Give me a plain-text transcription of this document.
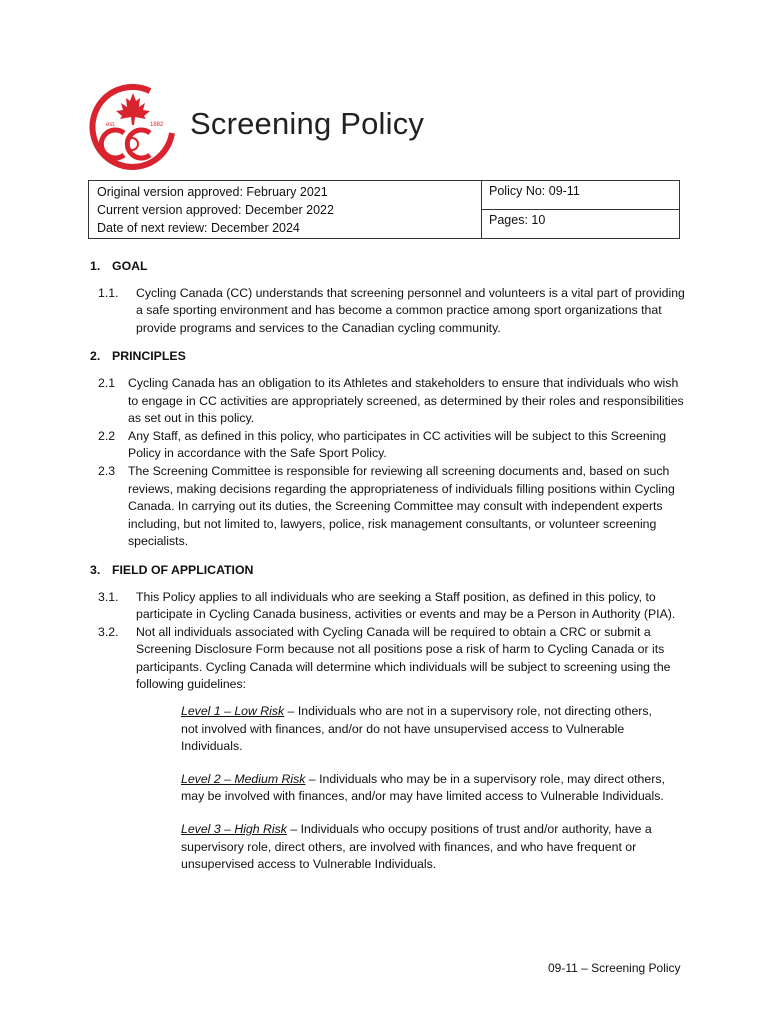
est.	1882 Screening Policy
Original version approved: February 2021
Current version approved: December 2022
Date of next review: December 2024
Policy No: 09-11
Pages: 10
1. GOAL
1.1.	Cycling Canada (CC) understands that screening personnel and volunteers is a vital part of providing a safe sporting environment and has become a common practice among sport organizations that provide programs and services to the Canadian cycling community.
2. PRINCIPLES
2.1	Cycling Canada has an obligation to its Athletes and stakeholders to ensure that individuals who wish to engage in CC activities are appropriately screened, as determined by their roles and responsibilities as set out in this policy.
2.2	Any Staff, as defined in this policy, who participates in CC activities will be subject to this Screening Policy in accordance with the Safe Sport Policy.
2.3	The Screening Committee is responsible for reviewing all screening documents and, based on such reviews, making decisions regarding the appropriateness of individuals filling positions within Cycling Canada. In carrying out its duties, the Screening Committee may consult with independent experts including, but not limited to, lawyers, police, risk management consultants, or volunteer screening specialists.
3. FIELD OF APPLICATION
3.1.	This Policy applies to all individuals who are seeking a Staff position, as defined in this policy, to participate in Cycling Canada business, activities or events and may be a Person in Authority (PIA).
3.2.	Not all individuals associated with Cycling Canada will be required to obtain a CRC or submit a Screening Disclosure Form because not all positions pose a risk of harm to Cycling Canada or its participants. Cycling Canada will determine which individuals will be subject to screening using the following guidelines:
Level 1 – Low Risk – Individuals who are not in a supervisory role, not directing others, not involved with finances, and/or do not have unsupervised access to Vulnerable Individuals.
Level 2 – Medium Risk – Individuals who may be in a supervisory role, may direct others, may be involved with finances, and/or may have limited access to Vulnerable Individuals.
Level 3 – High Risk – Individuals who occupy positions of trust and/or authority, have a supervisory role, direct others, are involved with finances, and who have frequent or unsupervised access to Vulnerable Individuals.
09-11 – Screening Policy
